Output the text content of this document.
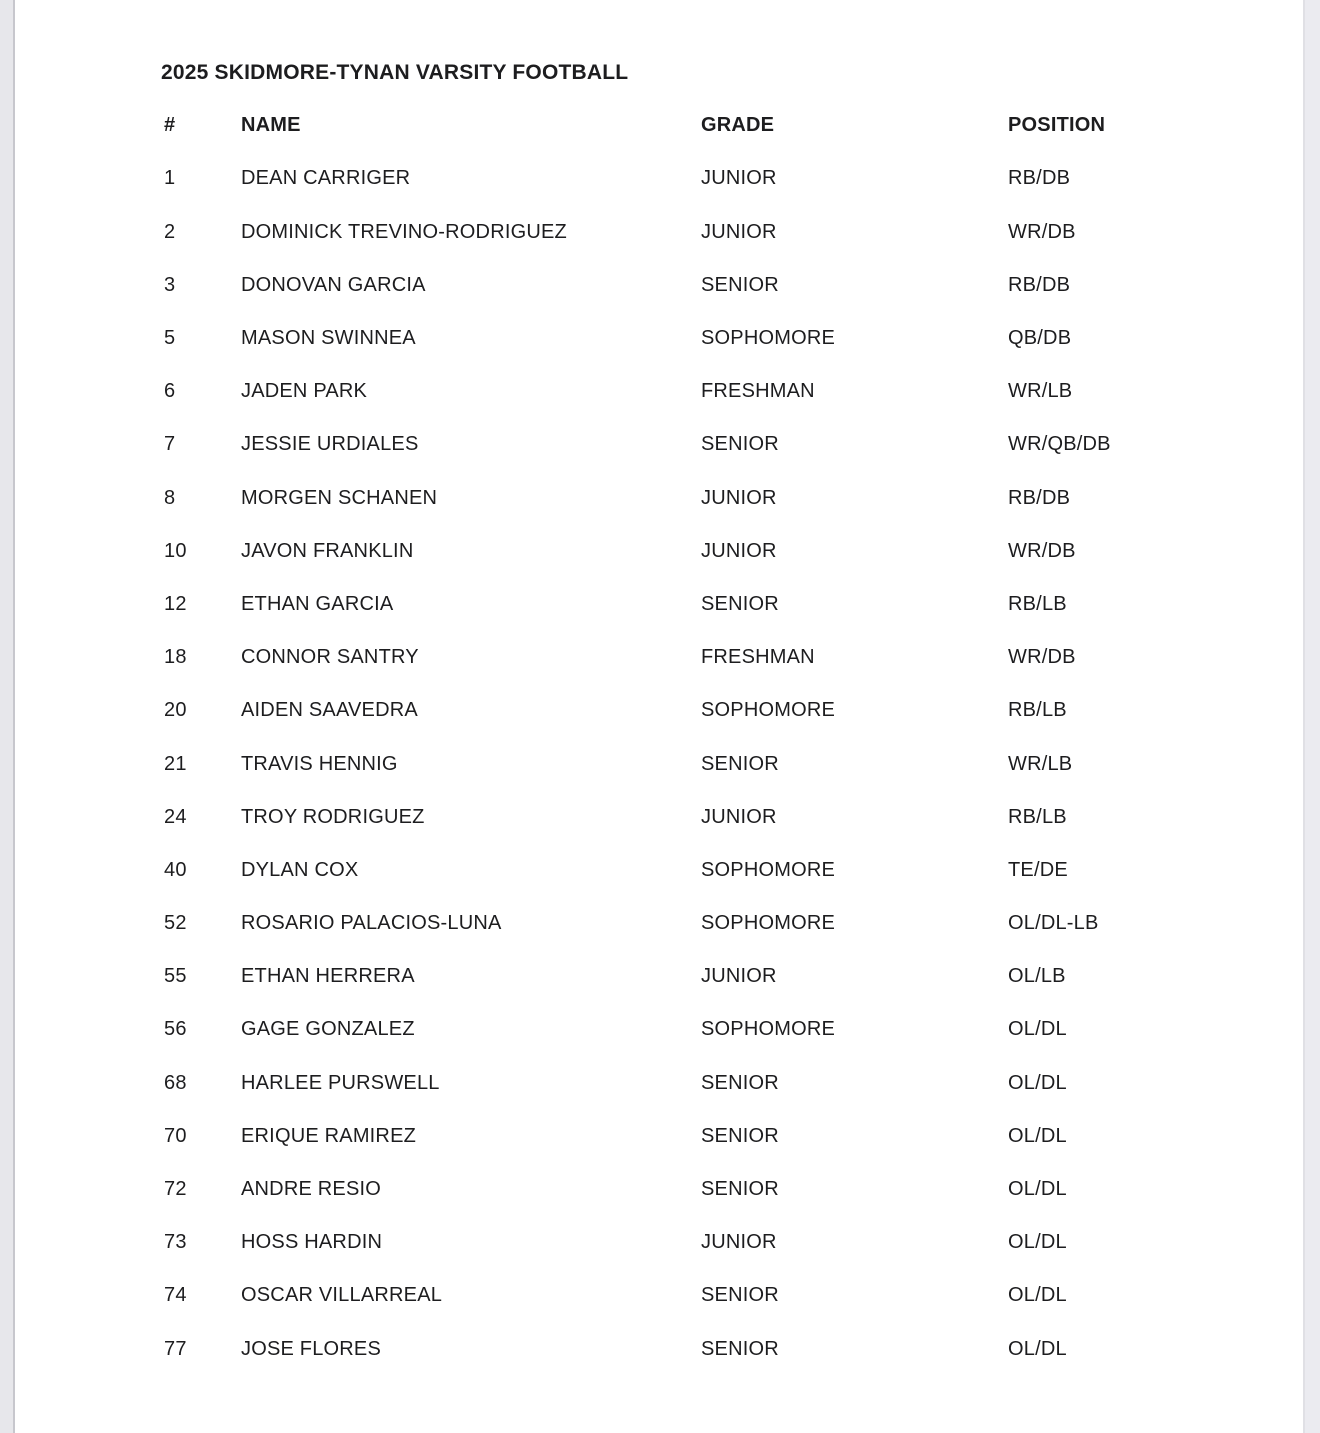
2025 SKIDMORE-TYNAN VARSITY FOOTBALL
#	NAME	GRADE	POSITION
1	DEAN CARRIGER	JUNIOR	RB/DB
2	DOMINICK TREVINO-RODRIGUEZ	JUNIOR	WR/DB
3	DONOVAN GARCIA	SENIOR	RB/DB
5	MASON SWINNEA	SOPHOMORE	QB/DB
6	JADEN PARK	FRESHMAN	WR/LB
7	JESSIE URDIALES	SENIOR	WR/QB/DB
8	MORGEN SCHANEN	JUNIOR	RB/DB
10	JAVON FRANKLIN	JUNIOR	WR/DB
12	ETHAN GARCIA	SENIOR	RB/LB
18	CONNOR SANTRY	FRESHMAN	WR/DB
20	AIDEN SAAVEDRA	SOPHOMORE	RB/LB
21	TRAVIS HENNIG	SENIOR	WR/LB
24	TROY RODRIGUEZ	JUNIOR	RB/LB
40	DYLAN COX	SOPHOMORE	TE/DE
52	ROSARIO PALACIOS-LUNA	SOPHOMORE	OL/DL-LB
55	ETHAN HERRERA	JUNIOR	OL/LB
56	GAGE GONZALEZ	SOPHOMORE	OL/DL
68	HARLEE PURSWELL	SENIOR	OL/DL
70	ERIQUE RAMIREZ	SENIOR	OL/DL
72	ANDRE RESIO	SENIOR	OL/DL
73	HOSS HARDIN	JUNIOR	OL/DL
74	OSCAR VILLARREAL	SENIOR	OL/DL
77	JOSE FLORES	SENIOR	OL/DL
